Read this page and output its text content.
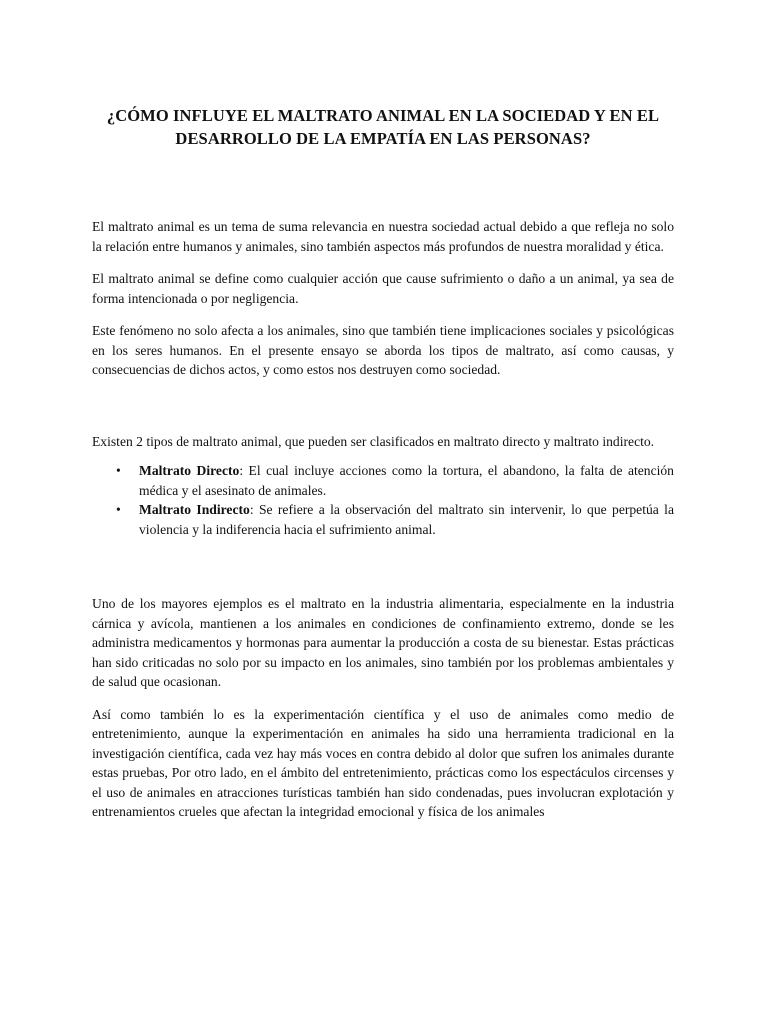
¿CÓMO INFLUYE EL MALTRATO ANIMAL EN LA SOCIEDAD Y EN EL DESARROLLO DE LA EMPATÍA EN LAS PERSONAS?

El maltrato animal es un tema de suma relevancia en nuestra sociedad actual debido a que refleja no solo la relación entre humanos y animales, sino también aspectos más profundos de nuestra moralidad y ética.

El maltrato animal se define como cualquier acción que cause sufrimiento o daño a un animal, ya sea de forma intencionada o por negligencia.

Este fenómeno no solo afecta a los animales, sino que también tiene implicaciones sociales y psicológicas en los seres humanos. En el presente ensayo se aborda los tipos de maltrato, así como causas, y consecuencias de dichos actos, y como estos nos destruyen como sociedad.

Existen 2 tipos de maltrato animal, que pueden ser clasificados en maltrato directo y maltrato indirecto.

• Maltrato Directo: El cual incluye acciones como la tortura, el abandono, la falta de atención médica y el asesinato de animales.
• Maltrato Indirecto: Se refiere a la observación del maltrato sin intervenir, lo que perpetúa la violencia y la indiferencia hacia el sufrimiento animal.

Uno de los mayores ejemplos es el maltrato en la industria alimentaria, especialmente en la industria cárnica y avícola, mantienen a los animales en condiciones de confinamiento extremo, donde se les administra medicamentos y hormonas para aumentar la producción a costa de su bienestar. Estas prácticas han sido criticadas no solo por su impacto en los animales, sino también por los problemas ambientales y de salud que ocasionan.

Así como también lo es la experimentación científica y el uso de animales como medio de entretenimiento, aunque la experimentación en animales ha sido una herramienta tradicional en la investigación científica, cada vez hay más voces en contra debido al dolor que sufren los animales durante estas pruebas, Por otro lado, en el ámbito del entretenimiento, prácticas como los espectáculos circenses y el uso de animales en atracciones turísticas también han sido condenadas, pues involucran explotación y entrenamientos crueles que afectan la integridad emocional y física de los animales
